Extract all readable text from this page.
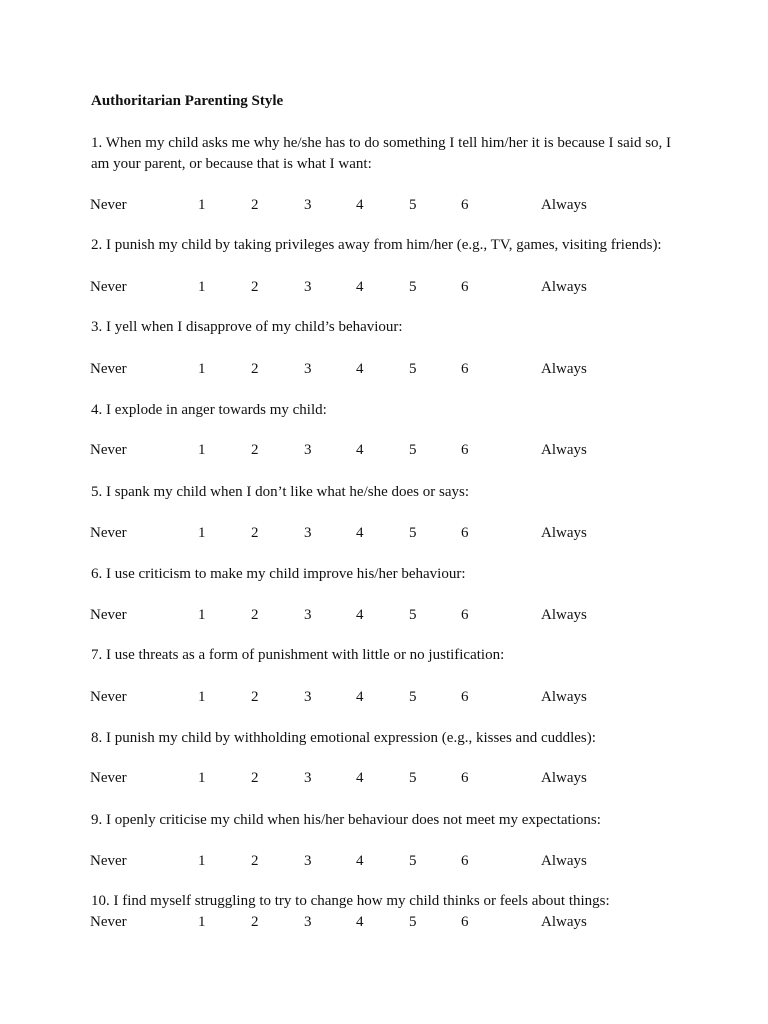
Authoritarian Parenting Style

1. When my child asks me why he/she has to do something I tell him/her it is because I said so, I am your parent, or because that is what I want:

Never	1	2	3	4	5	6	Always

2. I punish my child by taking privileges away from him/her (e.g., TV, games, visiting friends):

Never	1	2	3	4	5	6	Always

3. I yell when I disapprove of my child’s behaviour:

Never	1	2	3	4	5	6	Always

4. I explode in anger towards my child:

Never	1	2	3	4	5	6	Always

5. I spank my child when I don’t like what he/she does or says:

Never	1	2	3	4	5	6	Always

6. I use criticism to make my child improve his/her behaviour:

Never	1	2	3	4	5	6	Always

7. I use threats as a form of punishment with little or no justification:

Never	1	2	3	4	5	6	Always

8. I punish my child by withholding emotional expression (e.g., kisses and cuddles):

Never	1	2	3	4	5	6	Always

9. I openly criticise my child when his/her behaviour does not meet my expectations:

Never	1	2	3	4	5	6	Always

10. I find myself struggling to try to change how my child thinks or feels about things:

Never	1	2	3	4	5	6	Always
